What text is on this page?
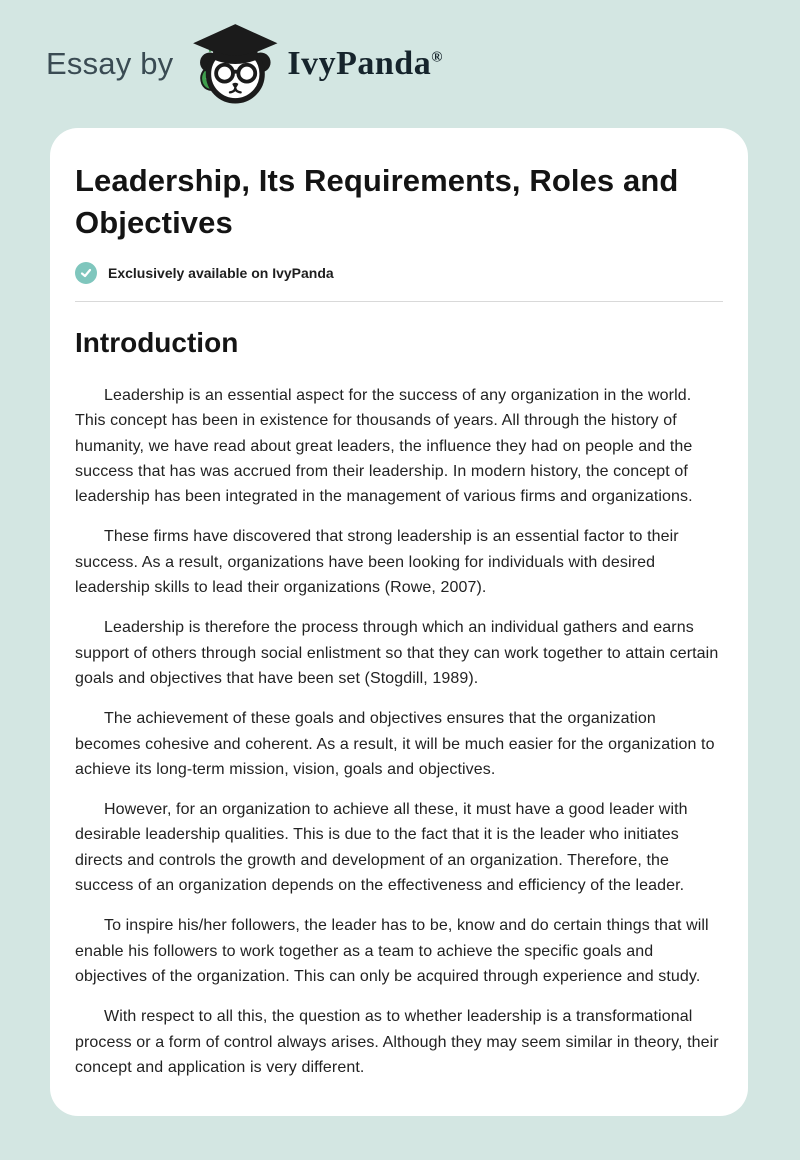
Essay by	IvyPanda®
Leadership, Its Requirements, Roles and Objectives
Exclusively available on IvyPanda
Introduction

Leadership is an essential aspect for the success of any organization in the world. This concept has been in existence for thousands of years. All through the history of humanity, we have read about great leaders, the influence they had on people and the success that has was accrued from their leadership. In modern history, the concept of leadership has been integrated in the management of various firms and organizations.

These firms have discovered that strong leadership is an essential factor to their success. As a result, organizations have been looking for individuals with desired leadership skills to lead their organizations (Rowe, 2007).

Leadership is therefore the process through which an individual gathers and earns support of others through social enlistment so that they can work together to attain certain goals and objectives that have been set (Stogdill, 1989).

The achievement of these goals and objectives ensures that the organization becomes cohesive and coherent. As a result, it will be much easier for the organization to achieve its long-term mission, vision, goals and objectives.

However, for an organization to achieve all these, it must have a good leader with desirable leadership qualities. This is due to the fact that it is the leader who initiates directs and controls the growth and development of an organization. Therefore, the success of an organization depends on the effectiveness and efficiency of the leader.

To inspire his/her followers, the leader has to be, know and do certain things that will enable his followers to work together as a team to achieve the specific goals and objectives of the organization. This can only be acquired through experience and study.

With respect to all this, the question as to whether leadership is a transformational process or a form of control always arises. Although they may seem similar in theory, their concept and application is very different.
